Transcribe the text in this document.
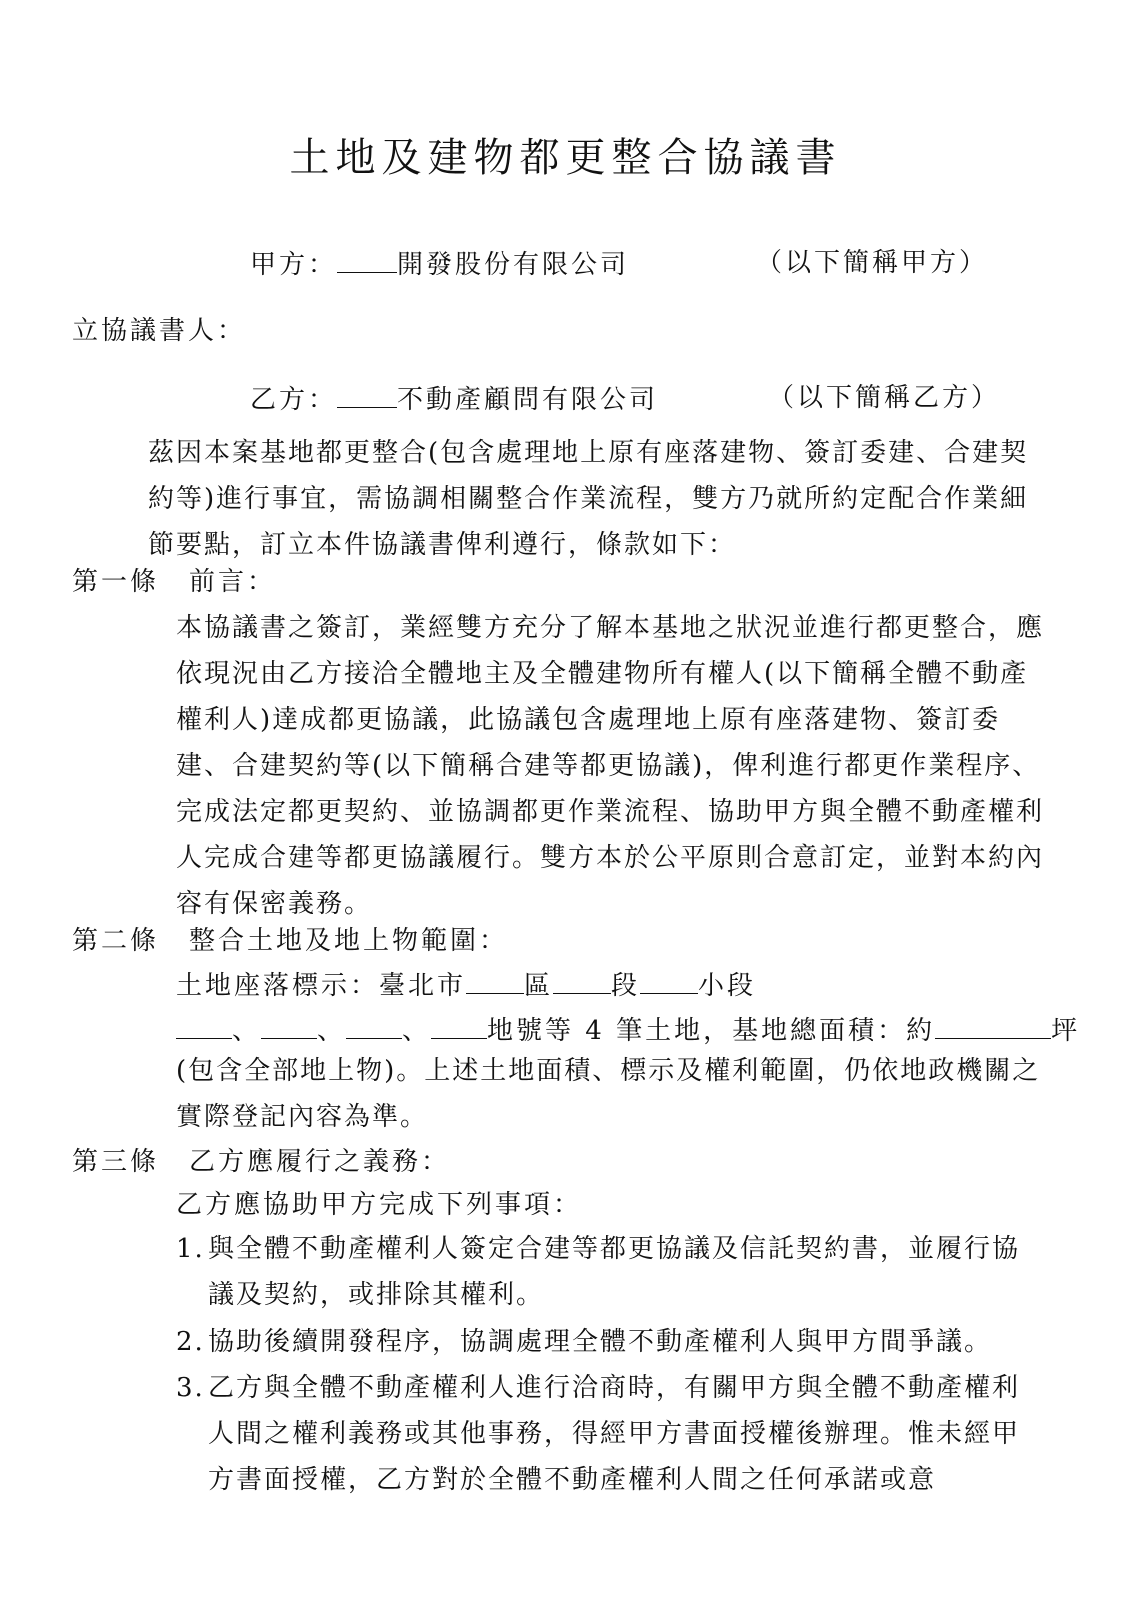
土地及建物都更整合協議書
甲方： 開發股份有限公司	（以下簡稱甲方）
立協議書人：
乙方： 不動產顧問有限公司	（以下簡稱乙方）
茲因本案基地都更整合(包含處理地上原有座落建物、簽訂委建、合建契約等)進行事宜，需協調相關整合作業流程，雙方乃就所約定配合作業細節要點，訂立本件協議書俾利遵行，條款如下：
第一條 前言：
本協議書之簽訂，業經雙方充分了解本基地之狀況並進行都更整合，應依現況由乙方接洽全體地主及全體建物所有權人(以下簡稱全體不動產權利人)達成都更協議，此協議包含處理地上原有座落建物、簽訂委建、合建契約等(以下簡稱合建等都更協議)，俾利進行都更作業程序、完成法定都更契約、並協調都更作業流程、協助甲方與全體不動產權利人完成合建等都更協議履行。雙方本於公平原則合意訂定，並對本約內容有保密義務。
第二條 整合土地及地上物範圍：
土地座落標示：臺北市 區 段 小段
、 、 、 地號等 4 筆土地，基地總面積：約	坪
(包含全部地上物)。上述土地面積、標示及權利範圍，仍依地政機關之實際登記內容為準。
第三條 乙方應履行之義務：
乙方應協助甲方完成下列事項：
1. 與全體不動產權利人簽定合建等都更協議及信託契約書，並履行協議及契約，或排除其權利。
2. 協助後續開發程序，協調處理全體不動產權利人與甲方間爭議。
3. 乙方與全體不動產權利人進行洽商時，有關甲方與全體不動產權利人間之權利義務或其他事務，得經甲方書面授權後辦理。惟未經甲方書面授權，乙方對於全體不動產權利人間之任何承諾或意
